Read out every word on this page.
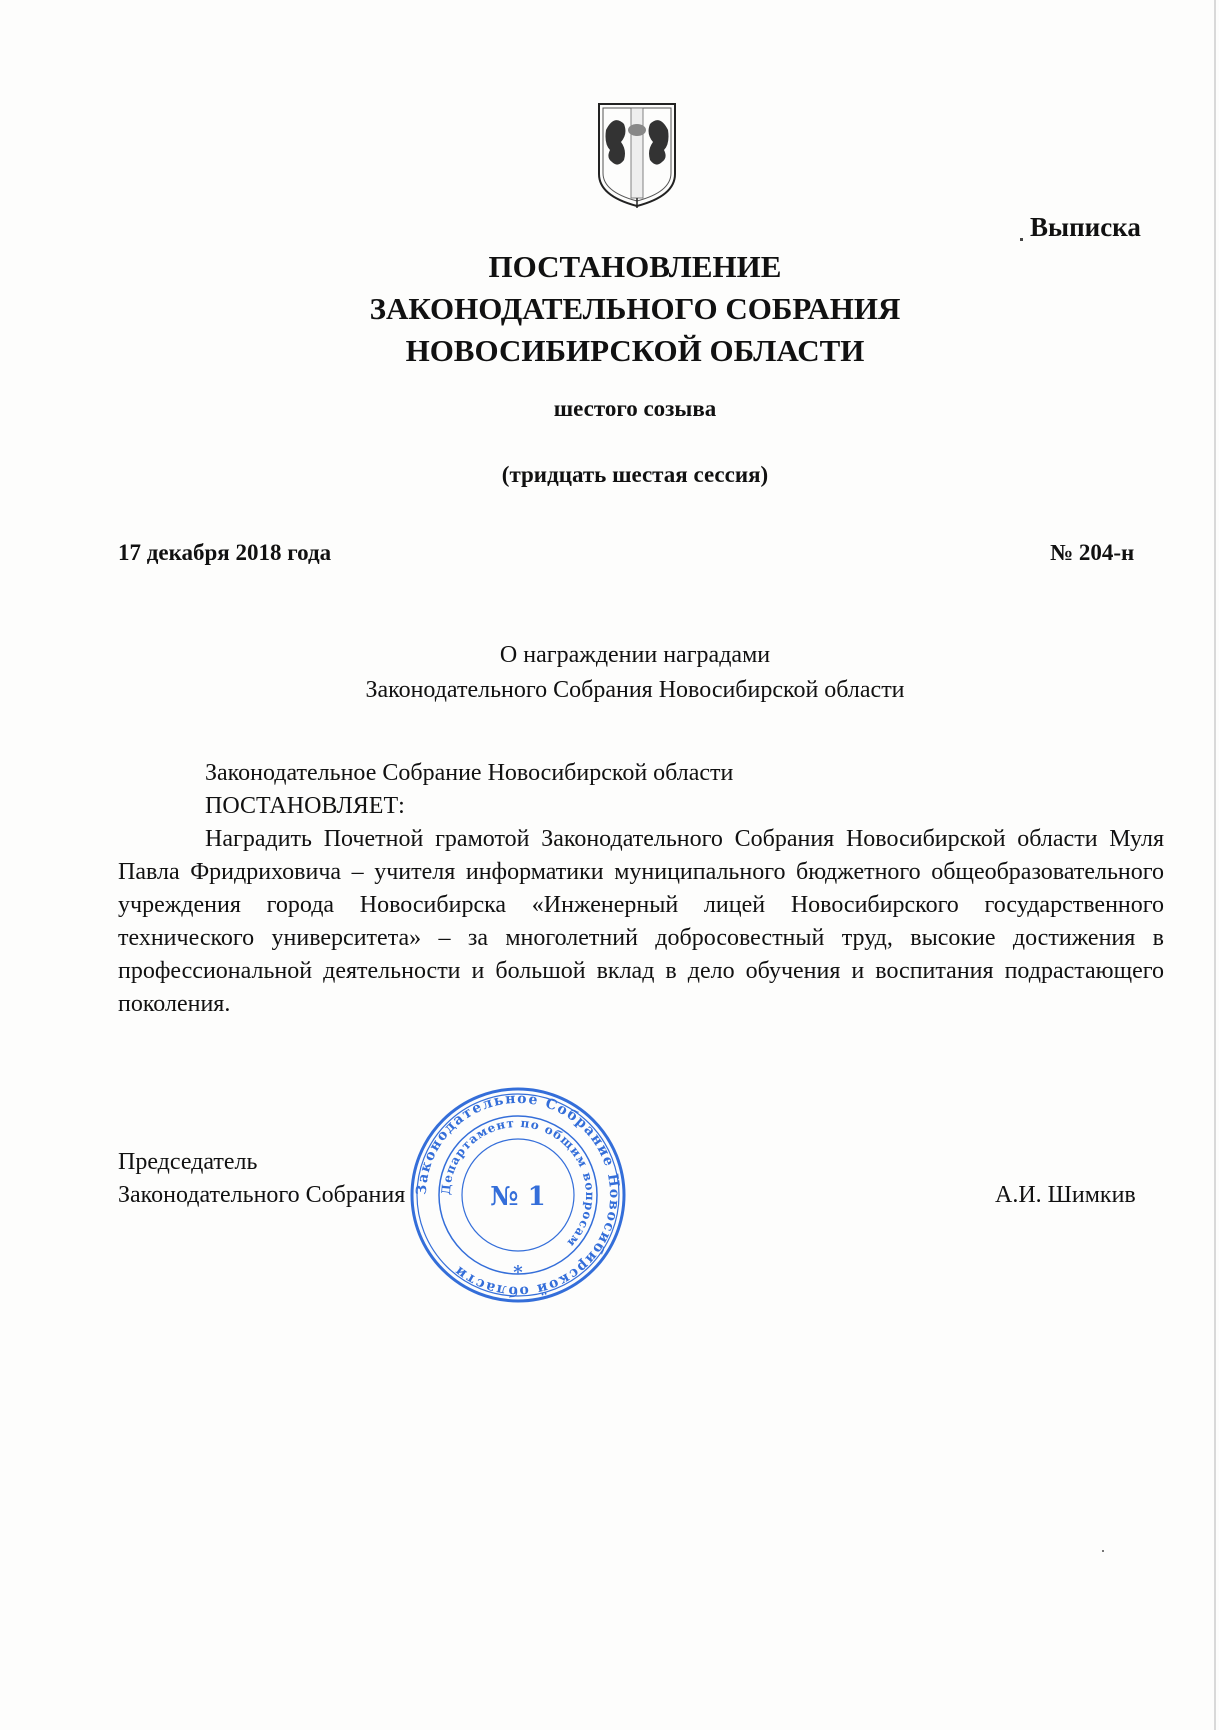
Выписка
ПОСТАНОВЛЕНИЕ
ЗАКОНОДАТЕЛЬНОГО СОБРАНИЯ
НОВОСИБИРСКОЙ ОБЛАСТИ
шестого созыва
(тридцать шестая сессия)
17 декабря 2018 года	№ 204-н
О награждении наградами
Законодательного Собрания Новосибирской области
Законодательное Собрание Новосибирской области
ПОСТАНОВЛЯЕТ:
Наградить Почетной грамотой Законодательного Собрания Новосибирской области Муля Павла Фридриховича – учителя информатики муниципального бюджетного общеобразовательного учреждения города Новосибирска «Инженерный лицей Новосибирского государственного технического университета» – за многолетний добросовестный труд, высокие достижения в профессиональной деятельности и большой вклад в дело обучения и воспитания подрастающего поколения.
Председатель
Законодательного Собрания	А.И. Шимкив
Законодательное Собрание Новосибирской области
Департамент по общим вопросам
№ 1
*
